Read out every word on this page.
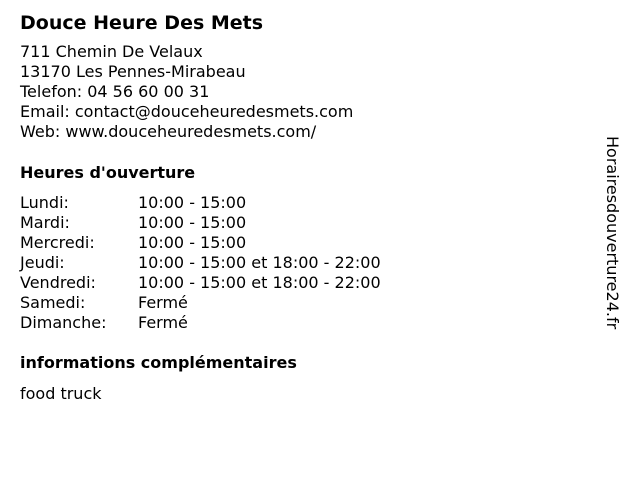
Douce Heure Des Mets
711 Chemin De Velaux
13170 Les Pennes-Mirabeau
Telefon: 04 56 60 00 31
Email: contact@douceheuredesmets.com
Web: www.douceheuredesmets.com/
Heures d'ouverture
Lundi:	10:00 - 15:00
Mardi:	10:00 - 15:00
Mercredi:	10:00 - 15:00
Jeudi:	10:00 - 15:00 et 18:00 - 22:00
Vendredi:	10:00 - 15:00 et 18:00 - 22:00
Samedi:	Fermé
Dimanche:	Fermé
informations complémentaires
food truck
Horairesdouverture24.fr
